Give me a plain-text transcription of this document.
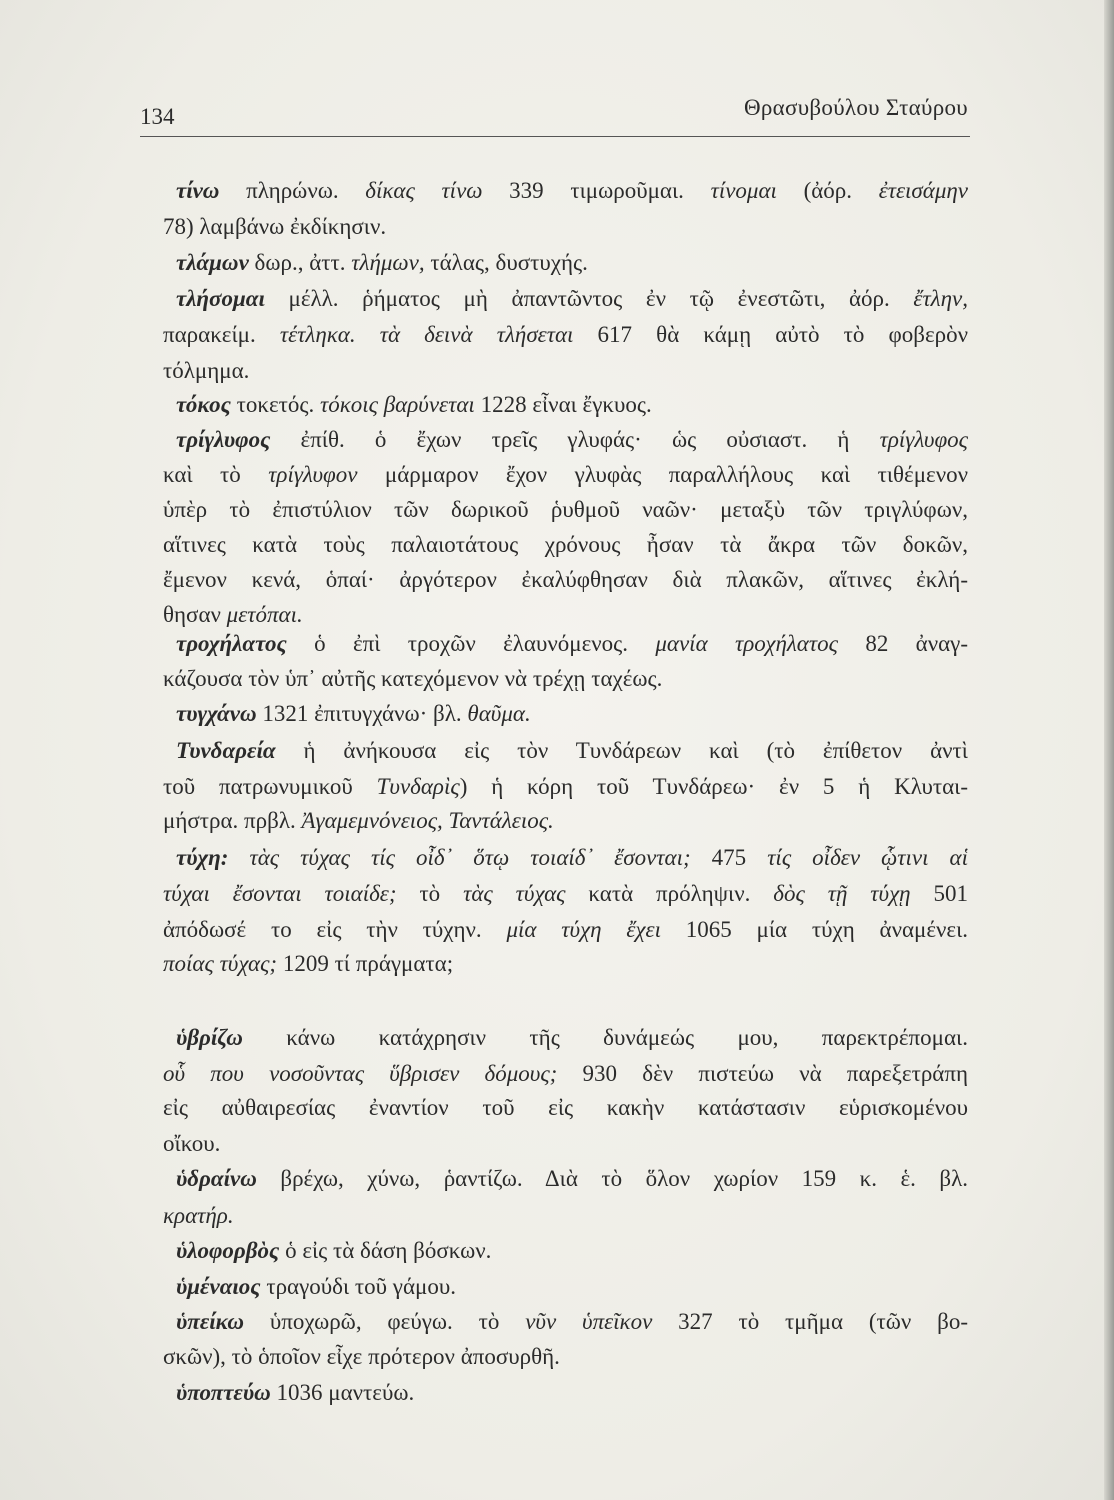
134	Θρασυβούλου Σταύρου
τίνω πληρώνω. δίκας τίνω 339 τιμωροῦμαι. τίνομαι (ἀόρ. ἐτεισάμην
78) λαμβάνω ἐκδίκησιν.
τλάμων δωρ., ἀττ. τλήμων, τάλας, δυστυχής.
τλήσομαι μέλλ. ῥήματος μὴ ἀπαντῶντος ἐν τῷ ἐνεστῶτι, ἀόρ. ἔτλην,
παρακείμ. τέτληκα. τὰ δεινὰ τλήσεται 617 θὰ κάμῃ αὐτὸ τὸ φοβερὸν
τόλμημα.
τόκος τοκετός. τόκοις βαρύνεται 1228 εἶναι ἔγκυος.
τρίγλυφος ἐπίθ. ὁ ἔχων τρεῖς γλυφάς· ὡς οὐσιαστ. ἡ τρίγλυφος
καὶ τὸ τρίγλυφον μάρμαρον ἔχον γλυφὰς παραλλήλους καὶ τιθέμενον
ὑπὲρ τὸ ἐπιστύλιον τῶν δωρικοῦ ῥυθμοῦ ναῶν· μεταξὺ τῶν τριγλύφων,
αἵτινες κατὰ τοὺς παλαιοτάτους χρόνους ἦσαν τὰ ἄκρα τῶν δοκῶν,
ἔμενον κενά, ὁπαί· ἀργότερον ἐκαλύφθησαν διὰ πλακῶν, αἵτινες ἐκλή-
θησαν μετόπαι.
τροχήλατος ὁ ἐπὶ τροχῶν ἐλαυνόμενος. μανία τροχήλατος 82 ἀναγ-
κάζουσα τὸν ὑπ᾽ αὐτῆς κατεχόμενον νὰ τρέχῃ ταχέως.
τυγχάνω 1321 ἐπιτυγχάνω· βλ. θαῦμα.
Τυνδαρεία ἡ ἀνήκουσα εἰς τὸν Τυνδάρεων καὶ (τὸ ἐπίθετον ἀντὶ
τοῦ πατρωνυμικοῦ Τυνδαρὶς) ἡ κόρη τοῦ Τυνδάρεω· ἐν 5 ἡ Κλυται-
μήστρα. πρβλ. Ἀγαμεμνόνειος, Ταντάλειος.
τύχη: τὰς τύχας τίς οἶδ᾽ ὅτῳ τοιαίδ᾽ ἔσονται; 475 τίς οἶδεν ᾧτινι αἱ
τύχαι ἔσονται τοιαίδε; τὸ τὰς τύχας κατὰ πρόληψιν. δὸς τῇ τύχῃ 501
ἀπόδωσέ το εἰς τὴν τύχην. μία τύχη ἔχει 1065 μία τύχη ἀναμένει.
ποίας τύχας; 1209 τί πράγματα;
ὑβρίζω κάνω κατάχρησιν τῆς δυνάμεώς μου, παρεκτρέπομαι.
οὗ που νοσοῦντας ὕβρισεν δόμους; 930 δὲν πιστεύω νὰ παρεξετράπη
εἰς αὐθαιρεσίας ἐναντίον τοῦ εἰς κακὴν κατάστασιν εὑρισκομένου
οἴκου.
ὑδραίνω βρέχω, χύνω, ῥαντίζω. Διὰ τὸ ὅλον χωρίον 159 κ. ἑ. βλ.
κρατήρ.
ὑλοφορβὸς ὁ εἰς τὰ δάση βόσκων.
ὑμέναιος τραγούδι τοῦ γάμου.
ὑπείκω ὑποχωρῶ, φεύγω. τὸ νῦν ὑπεῖκον 327 τὸ τμῆμα (τῶν βο-
σκῶν), τὸ ὁποῖον εἶχε πρότερον ἀποσυρθῆ.
ὑποπτεύω 1036 μαντεύω.
